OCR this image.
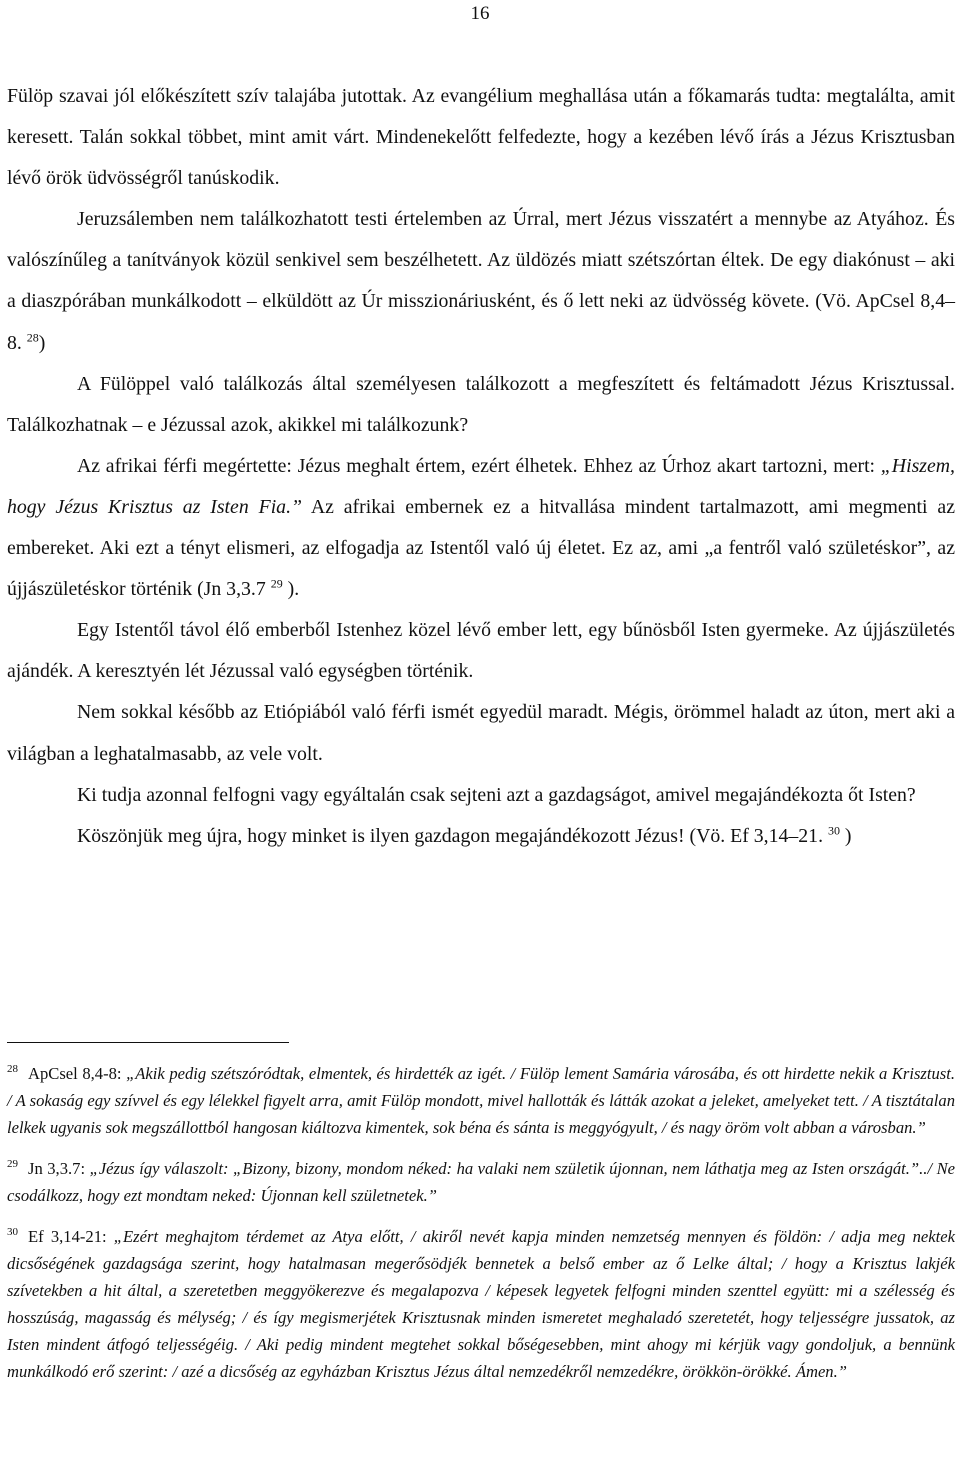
16

Fülöp szavai jól előkészített szív talajába jutottak. Az evangélium meghallása után a főkamarás tudta: megtalálta, amit keresett. Talán sokkal többet, mint amit várt. Mindenekelőtt felfedezte, hogy a kezében lévő írás a Jézus Krisztusban lévő örök üdvösségről tanúskodik.

Jeruzsálemben nem találkozhatott testi értelemben az Úrral, mert Jézus visszatért a mennybe az Atyához. És valószínűleg a tanítványok közül senkivel sem beszélhetett. Az üldözés miatt szétszórtan éltek. De egy diakónust – aki a diaszpórában munkálkodott – elküldött az Úr misszionáriusként, és ő lett neki az üdvösség követe. (Vö. ApCsel 8,4–8. $^{28}$)

A Fülöppel való találkozás által személyesen találkozott a megfeszített és feltámadott Jézus Krisztussal. Találkozhatnak – e Jézussal azok, akikkel mi találkozunk?

Az afrikai férfi megértette: Jézus meghalt értem, ezért élhetek. Ehhez az Úrhoz akart tartozni, mert: „Hiszem, hogy Jézus Krisztus az Isten Fia.” Az afrikai embernek ez a hitvallása mindent tartalmazott, ami megmenti az embereket. Aki ezt a tényt elismeri, az elfogadja az Istentől való új életet. Ez az, ami „a fentről való születéskor”, az újjászületéskor történik (Jn 3,3.7 $^{29}$ ).

Egy Istentől távol élő emberből Istenhez közel lévő ember lett, egy bűnösből Isten gyermeke. Az újjászületés ajándék. A keresztyén lét Jézussal való egységben történik.

Nem sokkal később az Etiópiából való férfi ismét egyedül maradt. Mégis, örömmel haladt az úton, mert aki a világban a leghatalmasabb, az vele volt.

Ki tudja azonnal felfogni vagy egyáltalán csak sejteni azt a gazdagságot, amivel megajándékozta őt Isten?

Köszönjük meg újra, hogy minket is ilyen gazdagon megajándékozott Jézus! (Vö. Ef 3,14–21. $^{30}$ )

$^{28}$ ApCsel 8,4-8: „Akik pedig szétszóródtak, elmentek, és hirdették az igét. / Fülöp lement Samária városába, és ott hirdette nekik a Krisztust. / A sokaság egy szívvel és egy lélekkel figyelt arra, amit Fülöp mondott, mivel hallották és látták azokat a jeleket, amelyeket tett. / A tisztátalan lelkek ugyanis sok megszállottból hangosan kiáltozva kimentek, sok béna és sánta is meggyógyult, / és nagy öröm volt abban a városban.”

$^{29}$ Jn 3,3.7: „Jézus így válaszolt: „Bizony, bizony, mondom néked: ha valaki nem születik újonnan, nem láthatja meg az Isten országát.”../ Ne csodálkozz, hogy ezt mondtam neked: Újonnan kell születnetek.”

$^{30}$ Ef 3,14-21: „Ezért meghajtom térdemet az Atya előtt, / akiről nevét kapja minden nemzetség mennyen és földön: / adja meg nektek dicsőségének gazdagsága szerint, hogy hatalmasan megerősödjék bennetek a belső ember az ő Lelke által; / hogy a Krisztus lakjék szívetekben a hit által, a szeretetben meggyökerezve és megalapozva / képesek legyetek felfogni minden szenttel együtt: mi a szélesség és hosszúság, magasság és mélység; / és így megismerjétek Krisztusnak minden ismeretet meghaladó szeretetét, hogy teljességre jussatok, az Isten mindent átfogó teljességéig. / Aki pedig mindent megtehet sokkal bőségesebben, mint ahogy mi kérjük vagy gondoljuk, a bennünk munkálkodó erő szerint: / azé a dicsőség az egyházban Krisztus Jézus által nemzedékről nemzedékre, örökkön-örökké. Ámen.”
